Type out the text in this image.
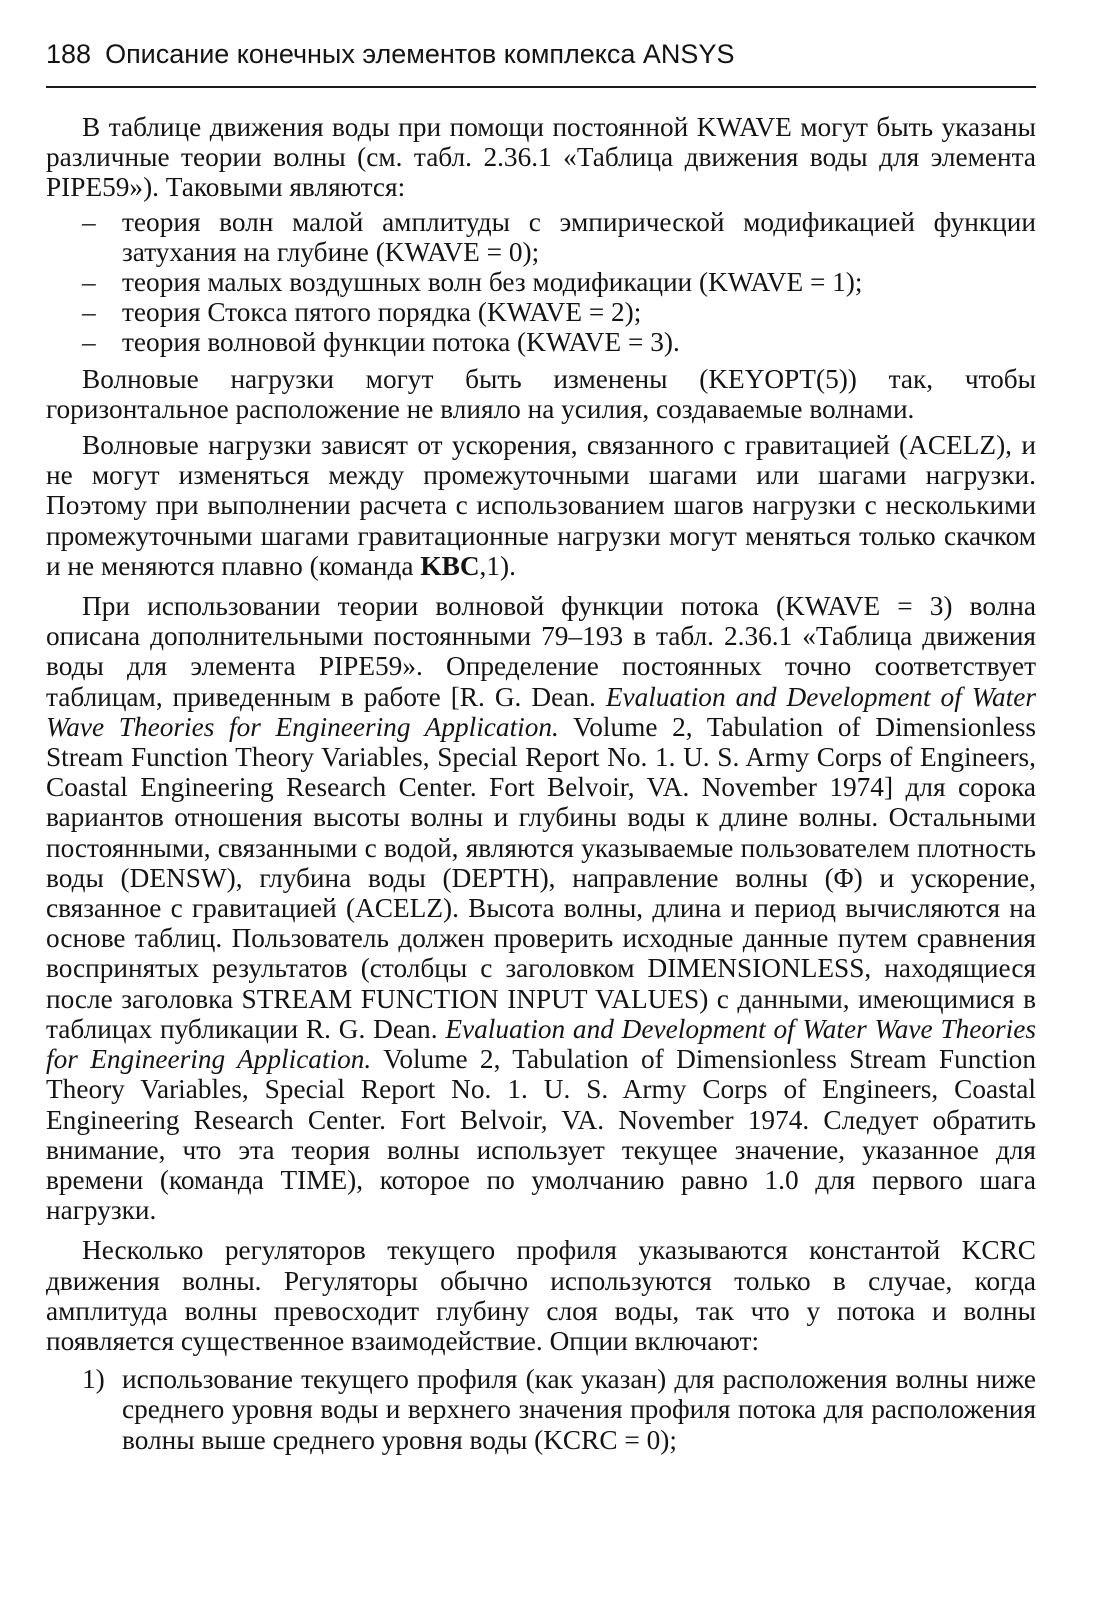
188 Описание конечных элементов комплекса ANSYS

В таблице движения воды при помощи постоянной KWAVE могут быть указаны различные теории волны (см. табл. 2.36.1 «Таблица движения воды для элемента PIPE59»). Таковыми являются:

– теория волн малой амплитуды с эмпирической модификацией функции затухания на глубине (KWAVE = 0);
– теория малых воздушных волн без модификации (KWAVE = 1);
– теория Стокса пятого порядка (KWAVE = 2);
– теория волновой функции потока (KWAVE = 3).

Волновые нагрузки могут быть изменены (KEYOPT(5)) так, чтобы горизонтальное расположение не влияло на усилия, создаваемые волнами.

Волновые нагрузки зависят от ускорения, связанного с гравитацией (ACELZ), и не могут изменяться между промежуточными шагами или шагами нагрузки. Поэтому при выполнении расчета с использованием шагов нагрузки с несколькими промежуточными шагами гравитационные нагрузки могут меняться только скачком и не меняются плавно (команда KBC,1).

При использовании теории волновой функции потока (KWAVE = 3) волна описана дополнительными постоянными 79–193 в табл. 2.36.1 «Таблица движения воды для элемента PIPE59». Определение постоянных точно соответствует таблицам, приведенным в работе [R. G. Dean. Evaluation and Development of Water Wave Theories for Engineering Application. Volume 2, Tabulation of Dimensionless Stream Function Theory Variables, Special Report No. 1. U. S. Army Corps of Engineers, Coastal Engineering Research Center. Fort Belvoir, VA. November 1974] для сорока вариантов отношения высоты волны и глубины воды к длине волны. Остальными постоянными, связанными с водой, являются указываемые пользователем плотность воды (DENSW), глубина воды (DEPTH), направление волны (Φ) и ускорение, связанное с гравитацией (ACELZ). Высота волны, длина и период вычисляются на основе таблиц. Пользователь должен проверить исходные данные путем сравнения воспринятых результатов (столбцы с заголовком DIMENSIONLESS, находящиеся после заголовка STREAM FUNCTION INPUT VALUES) с данными, имеющимися в таблицах публикации R. G. Dean. Evaluation and Development of Water Wave Theories for Engineering Application. Volume 2, Tabulation of Dimensionless Stream Function Theory Variables, Special Report No. 1. U. S. Army Corps of Engineers, Coastal Engineering Research Center. Fort Belvoir, VA. November 1974. Следует обратить внимание, что эта теория волны использует текущее значение, указанное для времени (команда TIME), которое по умолчанию равно 1.0 для первого шага нагрузки.

Несколько регуляторов текущего профиля указываются константой KCRC движения волны. Регуляторы обычно используются только в случае, когда амплитуда волны превосходит глубину слоя воды, так что у потока и волны появляется существенное взаимодействие. Опции включают:

1) использование текущего профиля (как указан) для расположения волны ниже среднего уровня воды и верхнего значения профиля потока для расположения волны выше среднего уровня воды (KCRC = 0);
